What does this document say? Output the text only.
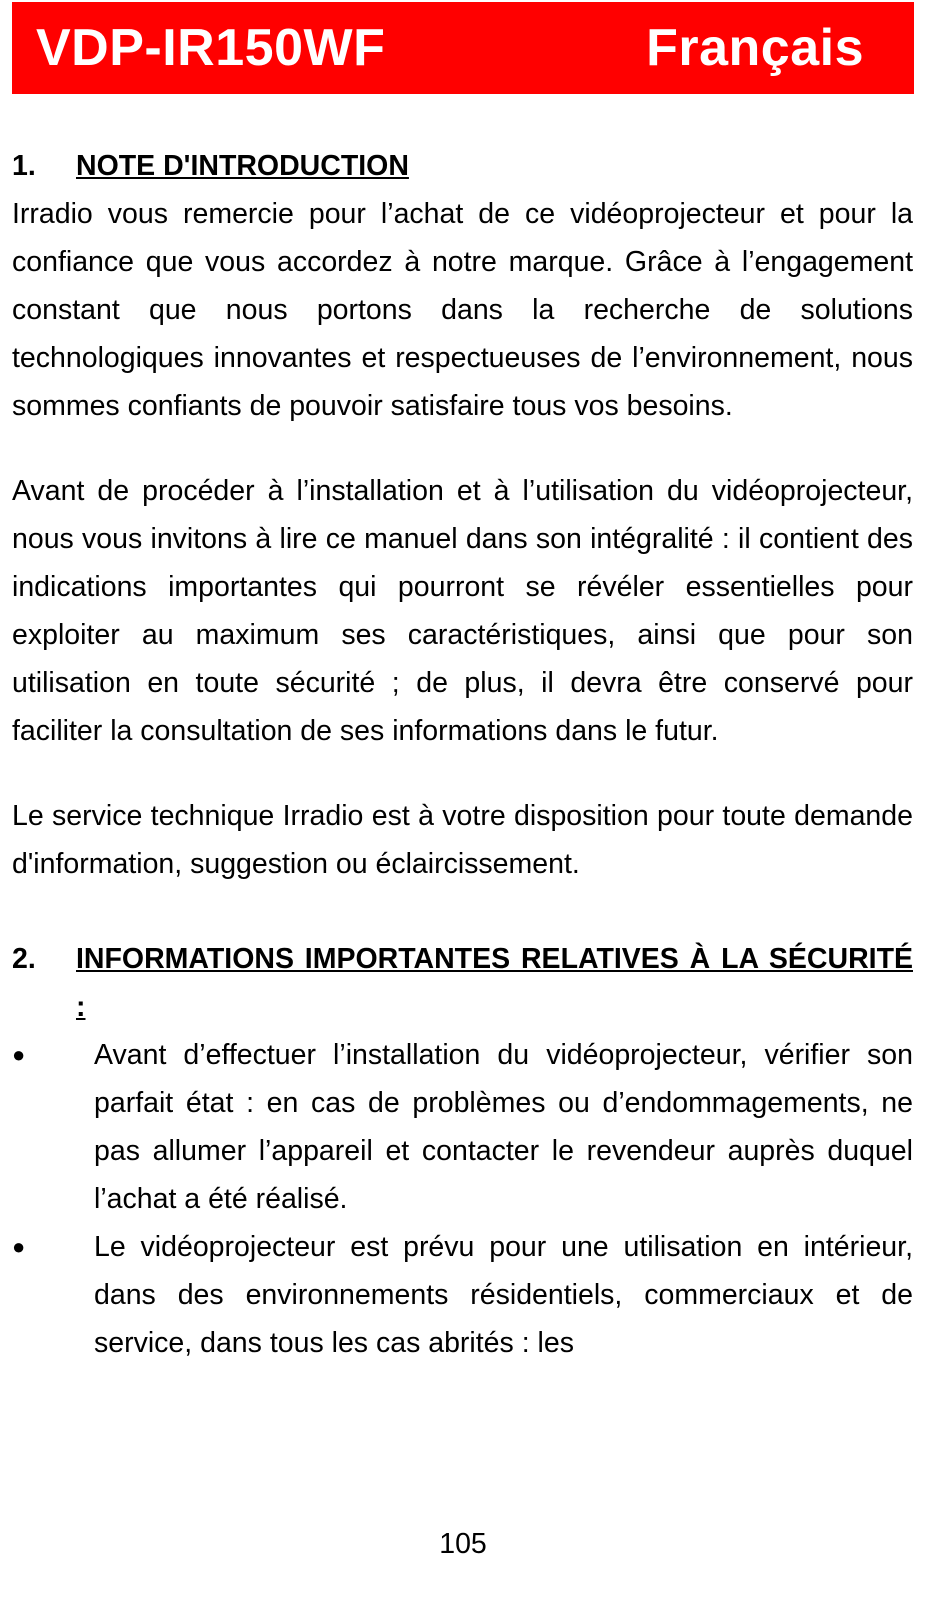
VDP-IR150WF	Français
1.	NOTE D'INTRODUCTION

Irradio vous remercie pour l’achat de ce vidéoprojecteur et pour la confiance que vous accordez à notre marque. Grâce à l’engagement constant que nous portons dans la recherche de solutions technologiques innovantes et respectueuses de l’environnement, nous sommes confiants de pouvoir satisfaire tous vos besoins.

Avant de procéder à l’installation et à l’utilisation du vidéoprojecteur, nous vous invitons à lire ce manuel dans son intégralité : il contient des indications importantes qui pourront se révéler essentielles pour exploiter au maximum ses caractéristiques, ainsi que pour son utilisation en toute sécurité ; de plus, il devra être conservé pour faciliter la consultation de ses informations dans le futur.

Le service technique Irradio est à votre disposition pour toute demande d'information, suggestion ou éclaircissement.

2.	INFORMATIONS IMPORTANTES RELATIVES À LA SÉCURITÉ :
●	Avant d’effectuer l’installation du vidéoprojecteur, vérifier son parfait état : en cas de problèmes ou d’endommagements, ne pas allumer l’appareil et contacter le revendeur auprès duquel l’achat a été réalisé.
●	Le vidéoprojecteur est prévu pour une utilisation en intérieur, dans des environnements résidentiels, commerciaux et de service, dans tous les cas abrités : les
105
